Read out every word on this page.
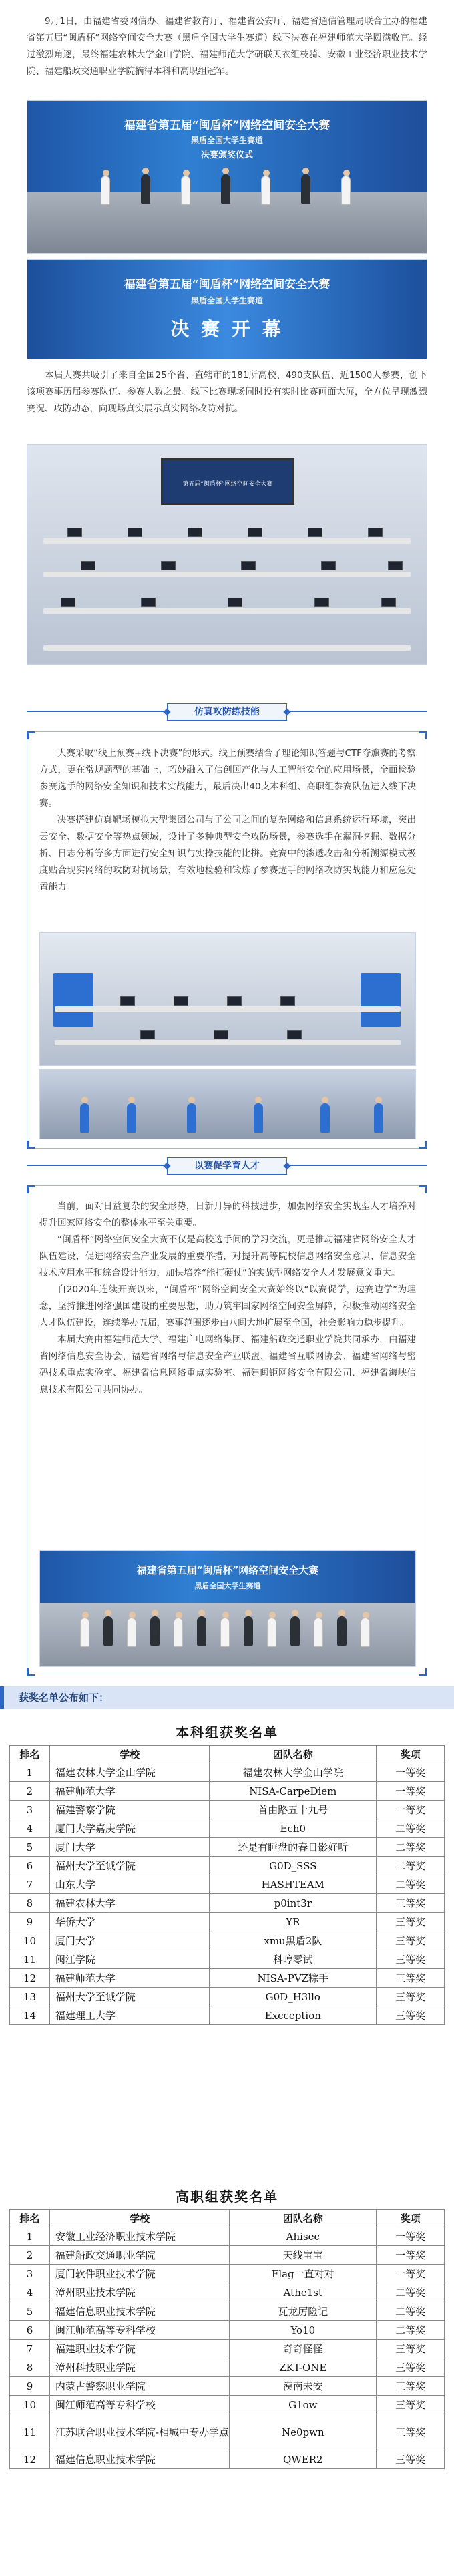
9月1日，由福建省委网信办、福建省教育厅、福建省公安厅、福建省通信管理局联合主办的福建省第五届“闽盾杯”网络空间安全大赛（黑盾全国大学生赛道）线下决赛在福建师范大学圆满收官。经过激烈角逐，最终福建农林大学金山学院、福建师范大学研联天衣组枝骑、安徽工业经济职业技术学院、福建船政交通职业学院摘得本科和高职组冠军。

福建省第五届“闽盾杯”网络空间安全大赛
黑盾全国大学生赛道
决赛颁奖仪式
福建省第五届“闽盾杯”网络空间安全大赛
黑盾全国大学生赛道
决 赛 开 幕

本届大赛共吸引了来自全国25个省、直辖市的181所高校、490支队伍、近1500人参赛，创下该项赛事历届参赛队伍、参赛人数之最。线下比赛现场同时设有实时比赛画面大屏，全方位呈现激烈赛况、攻防动态，向现场真实展示真实网络攻防对抗。

第五届“闽盾杯”网络空间安全大赛
仿真攻防练技能

大赛采取“线上预赛+线下决赛”的形式。线上预赛结合了理论知识答题与CTF夺旗赛的考察方式，更在常规题型的基础上，巧妙融入了信创国产化与人工智能安全的应用场景，全面检验参赛选手的网络安全知识和技术实战能力，最后决出40支本科组、高职组参赛队伍进入线下决赛。

决赛搭建仿真靶场模拟大型集团公司与子公司之间的复杂网络和信息系统运行环境，突出云安全、数据安全等热点领域，设计了多种典型安全攻防场景，参赛选手在漏洞挖掘、数据分析、日志分析等多方面进行安全知识与实操技能的比拼。竞赛中的渗透攻击和分析溯源模式极度贴合现实网络的攻防对抗场景，有效地检验和锻炼了参赛选手的网络攻防实战能力和应急处置能力。

以赛促学育人才

当前，面对日益复杂的安全形势，日新月异的科技进步，加强网络安全实战型人才培养对提升国家网络安全的整体水平至关重要。

“闽盾杯”网络空间安全大赛不仅是高校选手间的学习交流，更是推动福建省网络安全人才队伍建设，促进网络安全产业发展的重要举措，对提升高等院校信息网络安全意识、信息安全技术应用水平和综合设计能力，加快培养“能打硬仗”的实战型网络安全人才发展意义重大。

自2020年连续开赛以来，“闽盾杯”网络空间安全大赛始终以“以赛促学，边赛边学”为理念，坚持推进网络强国建设的重要思想，助力筑牢国家网络空间安全屏障，积极推动网络安全人才队伍建设，连续举办五届，赛事范围逐步由八闽大地扩展至全国，社会影响力稳步提升。

本届大赛由福建师范大学、福建广电网络集团、福建船政交通职业学院共同承办，由福建省网络信息安全协会、福建省网络与信息安全产业联盟、福建省互联网协会、福建省网络与密码技术重点实验室、福建省信息网络重点实验室、福建闽钜网络安全有限公司、福建省海峡信息技术有限公司共同协办。

福建省第五届“闽盾杯”网络空间安全大赛
黑盾全国大学生赛道
获奖名单公布如下：
本科组获奖名单
排名	学校	团队名称	奖项
1	福建农林大学金山学院	福建农林大学金山学院	一等奖
2	福建师范大学	NISA-CarpeDiem	一等奖
3	福建警察学院	首由路五十九号	一等奖
4	厦门大学嘉庚学院	Ech0	二等奖
5	厦门大学	还是有睡盘的春日影好听	二等奖
6	福州大学至诚学院	G0D_SSS	二等奖
7	山东大学	HASHTEAM	二等奖
8	福建农林大学	p0int3r	三等奖
9	华侨大学	YR	三等奖
10	厦门大学	xmu黑盾2队	三等奖
11	闽江学院	科哼零试	三等奖
12	福建师范大学	NISA-PVZ粽手	三等奖
13	福州大学至诚学院	G0D_H3llo	三等奖
14	福建理工大学	Excception	三等奖
高职组获奖名单
排名	学校	团队名称	奖项
1	安徽工业经济职业技术学院	Ahisec	一等奖
2	福建船政交通职业学院	天线宝宝	一等奖
3	厦门软件职业技术学院	Flag一直对对	一等奖
4	漳州职业技术学院	Athe1st	二等奖
5	福建信息职业技术学院	瓦龙厉险记	二等奖
6	闽江师范高等专科学校	Yo10	二等奖
7	福建职业技术学院	奇奇怪怪	三等奖
8	漳州科技职业学院	ZKT-ONE	三等奖
9	内蒙古警察职业学院	漠南未安	三等奖
10	闽江师范高等专科学校	G1ow	三等奖
11	江苏联合职业技术学院-相城中专办学点	Ne0pwn	三等奖
12	福建信息职业技术学院	QWER2	三等奖
